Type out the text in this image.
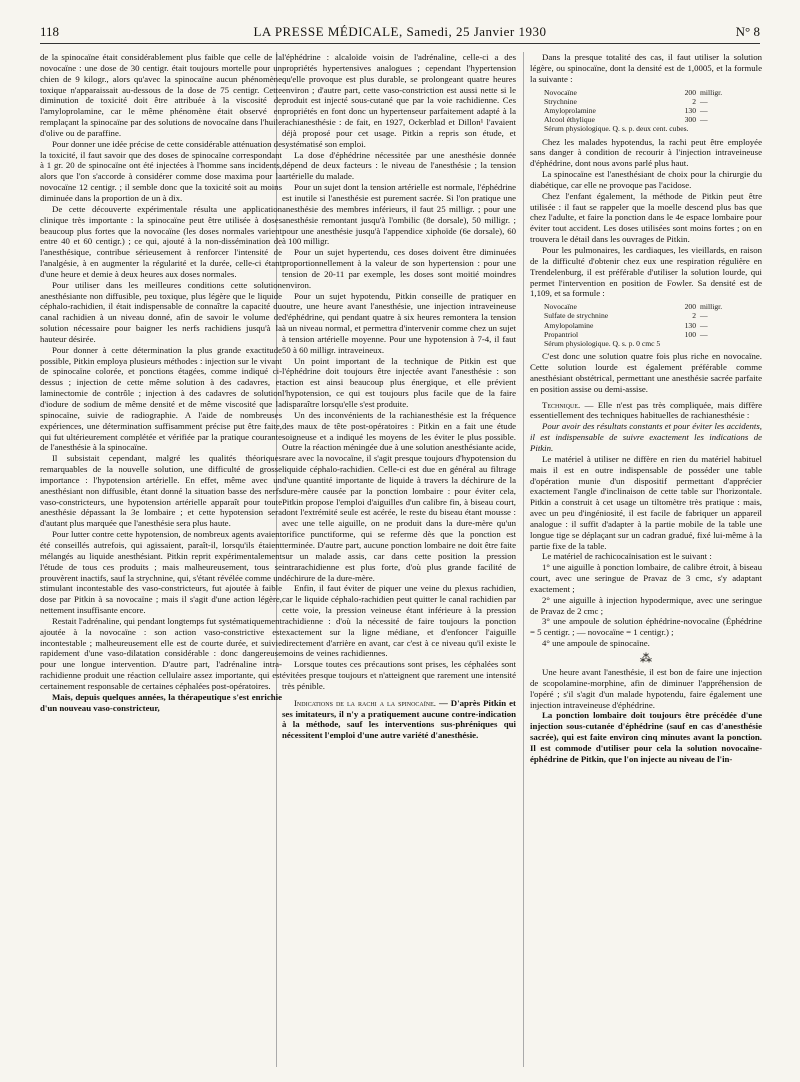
118	LA PRESSE MÉDICALE, Samedi, 25 Janvier 1930	N° 8

de la spinocaïne était considérablement plus faible que celle de la novocaïne : une dose de 30 centigr. était toujours mortelle pour un chien de 9 kilogr., alors qu'avec la spinocaïne aucun phénomène toxique n'apparaissait au-dessous de la dose de 75 centigr. Cette diminution de toxicité doit être attribuée à la viscosité de l'amyloprolamine, car le même phénomène était observé en remplaçant la spinocaïne par des solutions de novocaïne dans l'huile d'olive ou de paraffine.

Pour donner une idée précise de cette considérable atténuation de la toxicité, il faut savoir que des doses de spinocaïne correspondant à 1 gr. 20 de spinocaïne ont été injectées à l'homme sans incidents, alors que l'on s'accorde à considérer comme dose maxima pour la novocaïne 12 centigr. ; il semble donc que la toxicité soit au moins diminuée dans la proportion de un à dix.

De cette découverte expérimentale résulta une application clinique très importante : la spinocaïne peut être utilisée à doses beaucoup plus fortes que la novocaïne (les doses normales varient entre 40 et 60 centigr.) ; ce qui, ajouté à la non-dissémination de l'anesthésique, contribue sérieusement à renforcer l'intensité de l'analgésie, à en augmenter la régularité et la durée, celle-ci étant d'une heure et demie à deux heures aux doses normales.

Pour utiliser dans les meilleures conditions cette solution anesthésiante non diffusible, peu toxique, plus légère que le liquide céphalo-rachidien, il était indispensable de connaître la capacité du canal rachidien à un niveau donné, afin de savoir le volume de solution nécessaire pour baigner les nerfs rachidiens jusqu'à la hauteur désirée.

Pour donner à cette détermination la plus grande exactitude possible, Pitkin employa plusieurs méthodes : injection sur le vivant de spinocaïne colorée, et ponctions étagées, comme indiqué ci-dessus ; injection de cette même solution à des cadavres, et laminectomie de contrôle ; injection à des cadavres de solution d'iodure de sodium de même densité et de même viscosité que la spinocaïne, suivie de radiographie. A l'aide de nombreuses expériences, une détermination suffisamment précise put être faite, qui fut ultérieurement complétée et vérifiée par la pratique courante de l'anesthésie à la spinocaïne.

Il subsistait cependant, malgré les qualités théoriques remarquables de la nouvelle solution, une difficulté de grosse importance : l'hypotension artérielle. En effet, même avec un anesthésiant non diffusible, étant donné la situation basse des nerfs vaso-constricteurs, une hypotension artérielle apparaît pour toute anesthésie dépassant la 3e lombaire ; et cette hypotension sera d'autant plus marquée que l'anesthésie sera plus haute.

Pour lutter contre cette hypotension, de nombreux agents avaient été conseillés autrefois, qui agissaient, paraît-il, lorsqu'ils étaient mélangés au liquide anesthésiant. Pitkin reprit expérimentalement l'étude de tous ces produits ; mais malheureusement, tous se prouvèrent inactifs, sauf la strychnine, qui, s'étant révélée comme un stimulant incontestable des vaso-constricteurs, fut ajoutée à faible dose par Pitkin à sa novocaïne ; mais il s'agit d'une action légère, nettement insuffisante encore.

Restait l'adrénaline, qui pendant longtemps fut systématiquement ajoutée à la novocaïne : son action vaso-constrictive est incontestable ; malheureusement elle est de courte durée, et suivie rapidement d'une vaso-dilatation considérable : donc dangereuse pour une longue intervention. D'autre part, l'adrénaline intra-rachidienne produit une réaction cellulaire assez importante, qui est certainement responsable de certaines céphalées post-opératoires.

Mais, depuis quelques années, la thérapeutique s'est enrichie d'un nouveau vaso-constricteur,

l'éphédrine : alcaloïde voisin de l'adrénaline, celle-ci a des propriétés hypertensives analogues ; cependant l'hypertension qu'elle provoque est plus durable, se prolongeant quatre heures environ ; d'autre part, cette vaso-constriction est aussi nette si le produit est injecté sous-cutané que par la voie rachidienne. Ces propriétés en font donc un hypertenseur parfaitement adapté à la rachianesthésie : de fait, en 1927, Ockerblad et Dillon¹ l'avaient déjà proposé pour cet usage. Pitkin a repris son étude, et systématisé son emploi.

La dose d'éphédrine nécessitée par une anesthésie donnée dépend de deux facteurs : le niveau de l'anesthésie ; la tension artérielle du malade.

Pour un sujet dont la tension artérielle est normale, l'éphédrine est inutile si l'anesthésie est purement sacrée. Si l'on pratique une anesthésie des membres inférieurs, il faut 25 milligr. ; pour une anesthésie remontant jusqu'à l'ombilic (8e dorsale), 50 milligr. ; pour une anesthésie jusqu'à l'appendice xiphoïde (6e dorsale), 60 à 100 milligr.

Pour un sujet hypertendu, ces doses doivent être diminuées proportionnellement à la valeur de son hypertension : pour une tension de 20-11 par exemple, les doses sont moitié moindres environ.

Pour un sujet hypotendu, Pitkin conseille de pratiquer en outre, une heure avant l'anesthésie, une injection intraveineuse d'éphédrine, qui pendant quatre à six heures remontera la tension à un niveau normal, et permettra d'intervenir comme chez un sujet à tension artérielle moyenne. Pour une hypotension à 7-4, il faut 50 à 60 milligr. intraveineux.

Un point important de la technique de Pitkin est que l'éphédrine doit toujours être injectée avant l'anesthésie : son action est ainsi beaucoup plus énergique, et elle prévient l'hypotension, ce qui est toujours plus facile que de la faire disparaître lorsqu'elle s'est produite.

Un des inconvénients de la rachianesthésie est la fréquence des maux de tête post-opératoires : Pitkin en a fait une étude soigneuse et a indiqué les moyens de les éviter le plus possible. Outre la réaction méningée due à une solution anesthésiante acide, rare avec la novocaïne, il s'agit presque toujours d'hypotension du liquide céphalo-rachidien. Celle-ci est due en général au filtrage d'une quantité importante de liquide à travers la déchirure de la dure-mère causée par la ponction lombaire : pour éviter cela, Pitkin propose l'emploi d'aiguilles d'un calibre fin, à biseau court, dont l'extrémité seule est acérée, le reste du biseau étant mousse : avec une telle aiguille, on ne produit dans la dure-mère qu'un orifice punctiforme, qui se referme dès que la ponction est terminée. D'autre part, aucune ponction lombaire ne doit être faite sur un malade assis, car dans cette position la pression intrarachidienne est plus forte, d'où plus grande facilité de déchirure de la dure-mère.

Enfin, il faut éviter de piquer une veine du plexus rachidien, car le liquide céphalo-rachidien peut quitter le canal rachidien par cette voie, la pression veineuse étant inférieure à la pression rachidienne : d'où la nécessité de faire toujours la ponction exactement sur la ligne médiane, et d'enfoncer l'aiguille directement d'arrière en avant, car c'est à ce niveau qu'il existe le moins de veines rachidiennes.

Lorsque toutes ces précautions sont prises, les céphalées sont évitées presque toujours et n'atteignent que rarement une intensité très pénible.

Indications de la rachi a la spinocaïne. — D'après Pitkin et ses imitateurs, il n'y a pratiquement aucune contre-indication à la méthode, sauf les interventions sus-phréniques qui nécessitent l'emploi d'une autre variété d'anesthésie.

Dans la presque totalité des cas, il faut utiliser la solution légère, ou spinocaïne, dont la densité est de 1,0005, et la formule la suivante :

Novocaïne	200 milligr.
Strychnine	2 —
Amyloprolamine	130 —
Alcool éthylique	300 —
Sérum physiologique. Q. s. p. deux cent. cubes.

Chez les malades hypotendus, la rachi peut être employée sans danger à condition de recourir à l'injection intraveineuse d'éphédrine, dont nous avons parlé plus haut.

La spinocaïne est l'anesthésiant de choix pour la chirurgie du diabétique, car elle ne provoque pas l'acidose.

Chez l'enfant également, la méthode de Pitkin peut être utilisée : il faut se rappeler que la moelle descend plus bas que chez l'adulte, et faire la ponction dans le 4e espace lombaire pour éviter tout accident. Les doses utilisées sont moins fortes ; on en trouvera le détail dans les ouvrages de Pitkin.

Pour les pulmonaires, les cardiaques, les vieillards, en raison de la difficulté d'obtenir chez eux une respiration régulière en Trendelenburg, il est préférable d'utiliser la solution lourde, qui permet l'intervention en position de Fowler. Sa densité est de 1,109, et sa formule :

Novocaïne	200 milligr.
Sulfate de strychnine	2 —
Amylopolamine	130 —
Propantriol	100 —
Sérum physiologique. Q. s. p. 0 cmc 5

C'est donc une solution quatre fois plus riche en novocaïne. Cette solution lourde est également préférable comme anesthésiant obstétrical, permettant une anesthésie sacrée parfaite en position assise ou demi-assise.

Technique. — Elle n'est pas très compliquée, mais diffère essentiellement des techniques habituelles de rachianesthésie :

Pour avoir des résultats constants et pour éviter les accidents, il est indispensable de suivre exactement les indications de Pitkin.

Le matériel à utiliser ne diffère en rien du matériel habituel mais il est en outre indispensable de posséder une table d'opération munie d'un dispositif permettant d'apprécier exactement l'angle d'inclinaison de cette table sur l'horizontale. Pitkin a construit à cet usage un tiltomètre très pratique : mais, avec un peu d'ingéniosité, il est facile de fabriquer un appareil analogue : il suffit d'adapter à la partie mobile de la table une longue tige se déplaçant sur un cadran gradué, fixé lui-même à la partie fixe de la table.

Le matériel de rachicocaïnisation est le suivant :

1° une aiguille à ponction lombaire, de calibre étroit, à biseau court, avec une seringue de Pravaz de 3 cmc, s'y adaptant exactement ;

2° une aiguille à injection hypodermique, avec une seringue de Pravaz de 2 cmc ;

3° une ampoule de solution éphédrine-novocaïne (Éphédrine = 5 centigr. ; — novocaïne = 1 centigr.) ;

4° une ampoule de spinocaïne.

⁂

Une heure avant l'anesthésie, il est bon de faire une injection de scopolamine-morphine, afin de diminuer l'appréhension de l'opéré ; s'il s'agit d'un malade hypotendu, faire également une injection intraveineuse d'éphédrine.

La ponction lombaire doit toujours être précédée d'une injection sous-cutanée d'éphédrine (sauf en cas d'anesthésie sacrée), qui est faite environ cinq minutes avant la ponction. Il est commode d'utiliser pour cela la solution novocaïne-éphédrine de Pitkin, que l'on injecte au niveau de l'in-
